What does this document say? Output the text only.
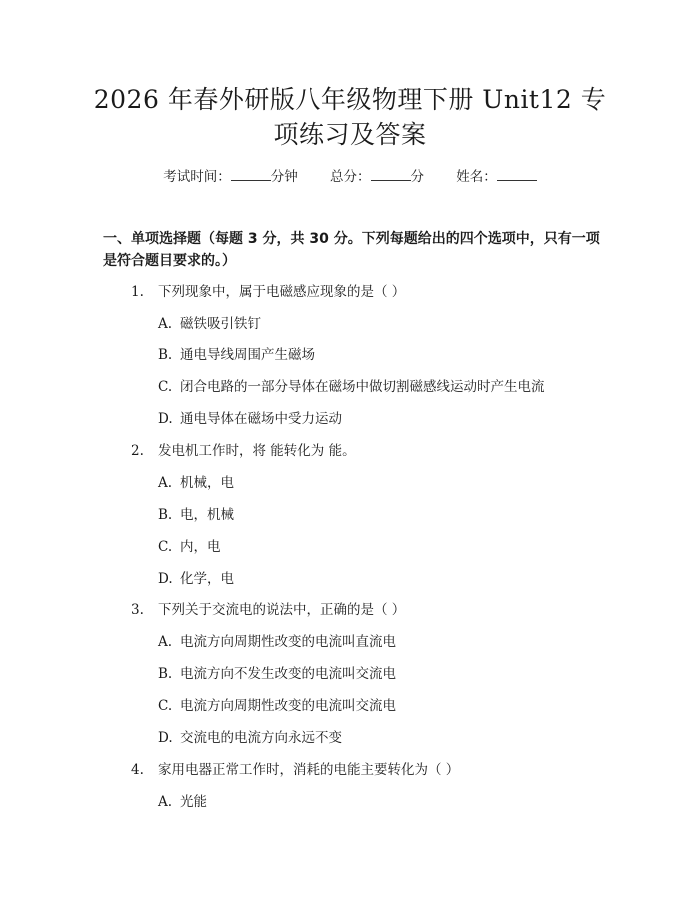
2026 年春外研版八年级物理下册 Unit12 专
项练习及答案
考试时间：	分钟 总分：	分 姓名：
一、单项选择题（每题 3 分，共 30 分。下列每题给出的四个选项中，只有一项是符合题目要求的。）
1. 下列现象中，属于电磁感应现象的是（ ）
A. 磁铁吸引铁钉
B. 通电导线周围产生磁场
C. 闭合电路的一部分导体在磁场中做切割磁感线运动时产生电流
D. 通电导体在磁场中受力运动
2. 发电机工作时，将 能转化为 能。
A. 机械，电
B. 电，机械
C. 内，电
D. 化学，电
3. 下列关于交流电的说法中，正确的是（ ）
A. 电流方向周期性改变的电流叫直流电
B. 电流方向不发生改变的电流叫交流电
C. 电流方向周期性改变的电流叫交流电
D. 交流电的电流方向永远不变
4. 家用电器正常工作时，消耗的电能主要转化为（ ）
A. 光能
